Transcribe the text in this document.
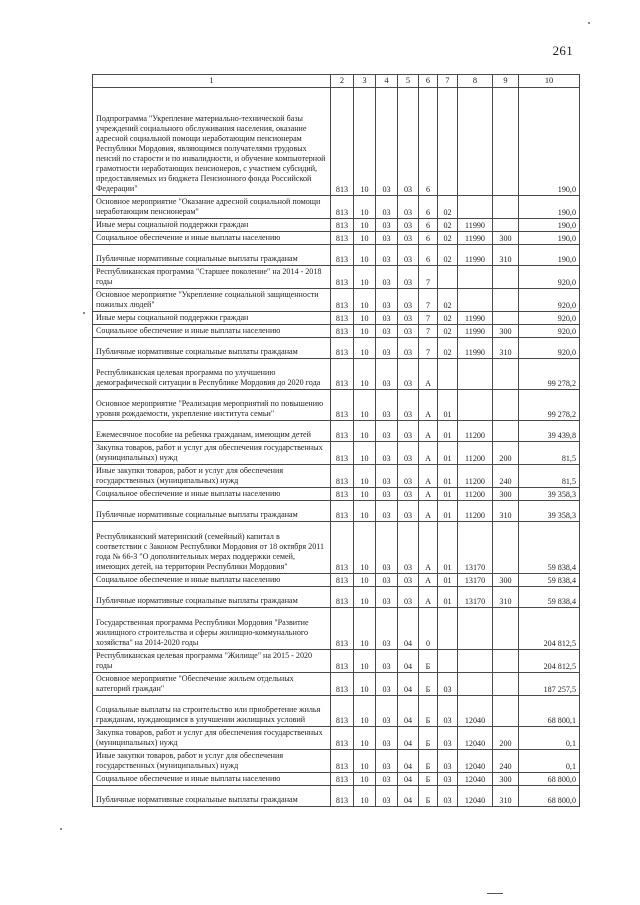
261
1	2	3	4	5	6	7	8	9	10
Подпрограмма "Укрепление материально-технической базы учреждений социального обслуживания населения, оказание адресной социальной помощи неработающим пенсионерам Республики Мордовия, являющимся получателями трудовых пенсий по старости и по инвалидности, и обучение компьютерной грамотности неработающих пенсионеров, с участием субсидий, предоставляемых из бюджета Пенсионного фонда Российской Федерации"	813	10	03	03	6				190,0
Основное мероприятие "Оказание адресной социальной помощи неработающим пенсионерам"	813	10	03	03	6	02			190,0
Иные меры социальной поддержки граждан	813	10	03	03	6	02	11990		190,0
Социальное обеспечение и иные выплаты населению	813	10	03	03	6	02	11990	300	190,0
Публичные нормативные социальные выплаты гражданам	813	10	03	03	6	02	11990	310	190,0
Республиканская программа "Старшее поколение" на 2014 - 2018 годы	813	10	03	03	7				920,0
Основное мероприятие "Укрепление социальной защищенности пожилых людей"	813	10	03	03	7	02			920,0
Иные меры социальной поддержки граждан	813	10	03	03	7	02	11990		920,0
Социальное обеспечение и иные выплаты населению	813	10	03	03	7	02	11990	300	920,0
Публичные нормативные социальные выплаты гражданам	813	10	03	03	7	02	11990	310	920,0
Республиканская целевая программа по улучшению демографической ситуации в Республике Мордовия до 2020 года	813	10	03	03	А				99 278,2
Основное мероприятие "Реализация мероприятий по повышению уровня рождаемости, укрепление института семьи"	813	10	03	03	А	01			99 278,2
Ежемесячное пособие на ребенка гражданам, имеющим детей	813	10	03	03	А	01	11200		39 439,8
Закупка товаров, работ и услуг для обеспечения государственных (муниципальных) нужд	813	10	03	03	А	01	11200	200	81,5
Иные закупки товаров, работ и услуг для обеспечения государственных (муниципальных) нужд	813	10	03	03	А	01	11200	240	81,5
Социальное обеспечение и иные выплаты населению	813	10	03	03	А	01	11200	300	39 358,3
Публичные нормативные социальные выплаты гражданам	813	10	03	03	А	01	11200	310	39 358,3
Республиканский материнский (семейный) капитал в соответствии с Законом Республики Мордовия от 18 октября 2011 года № 66-З "О дополнительных мерах поддержки семей, имеющих детей, на территории Республики Мордовия"	813	10	03	03	А	01	13170		59 838,4
Социальное обеспечение и иные выплаты населению	813	10	03	03	А	01	13170	300	59 838,4
Публичные нормативные социальные выплаты гражданам	813	10	03	03	А	01	13170	310	59 838,4
Государственная программа Республики Мордовия "Развитие жилищного строительства и сферы жилищно-коммунального хозяйства" на 2014-2020 годы	813	10	03	04	0				204 812,5
Республиканская целевая программа "Жилище" на 2015 - 2020 годы	813	10	03	04	Б				204 812,5
Основное мероприятие "Обеспечение жильем отдельных категорий граждан"	813	10	03	04	Б	03			187 257,5
Социальные выплаты на строительство или приобретение жилья гражданам, нуждающимся в улучшении жилищных условий	813	10	03	04	Б	03	12040		68 800,1
Закупка товаров, работ и услуг для обеспечения государственных (муниципальных) нужд	813	10	03	04	Б	03	12040	200	0,1
Иные закупки товаров, работ и услуг для обеспечения государственных (муниципальных) нужд	813	10	03	04	Б	03	12040	240	0,1
Социальное обеспечение и иные выплаты населению	813	10	03	04	Б	03	12040	300	68 800,0
Публичные нормативные социальные выплаты гражданам	813	10	03	04	Б	03	12040	310	68 800,0
